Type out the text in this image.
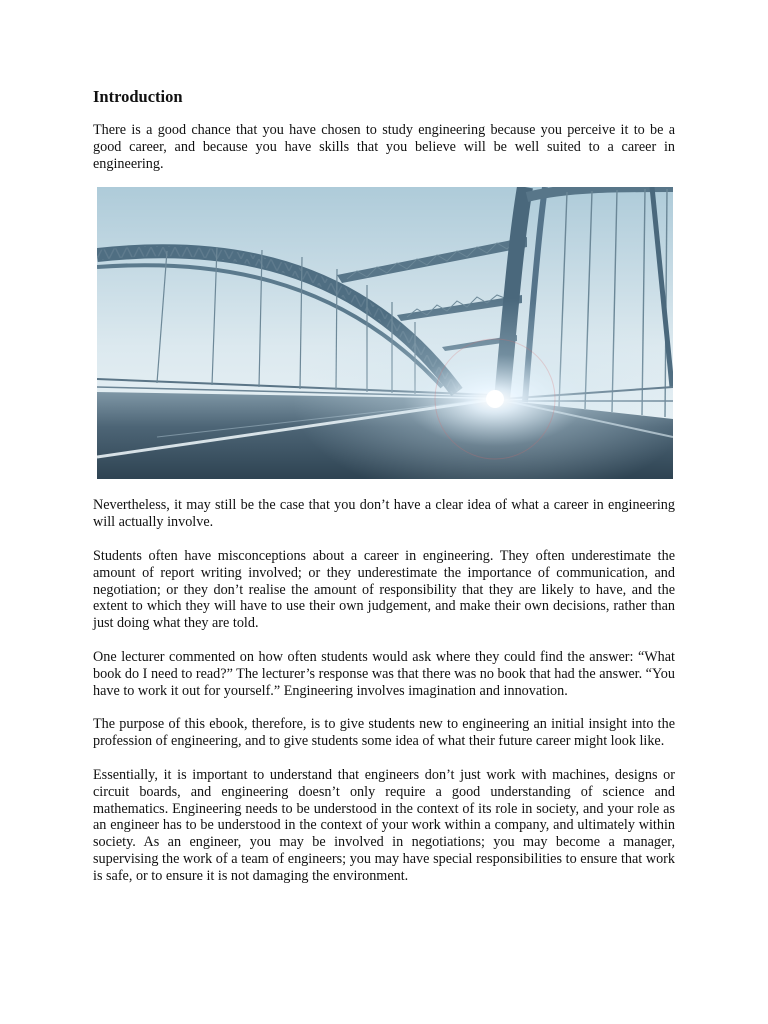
Introduction

There is a good chance that you have chosen to study engineering because you perceive it to be a good career, and because you have skills that you believe will be well suited to a career in engineering.

Nevertheless, it may still be the case that you don’t have a clear idea of what a career in engineering will actually involve.

Students often have misconceptions about a career in engineering. They often underestimate the amount of report writing involved; or they underestimate the importance of communication, and negotiation; or they don’t realise the amount of responsibility that they are likely to have, and the extent to which they will have to use their own judgement, and make their own decisions, rather than just doing what they are told.

One lecturer commented on how often students would ask where they could find the answer: “What book do I need to read?” The lecturer’s response was that there was no book that had the answer. “You have to work it out for yourself.” Engineering involves imagination and innovation.

The purpose of this ebook, therefore, is to give students new to engineering an initial insight into the profession of engineering, and to give students some idea of what their future career might look like.

Essentially, it is important to understand that engineers don’t just work with machines, designs or circuit boards, and engineering doesn’t only require a good understanding of science and mathematics. Engineering needs to be understood in the context of its role in society, and your role as an engineer has to be understood in the context of your work within a company, and ultimately within society. As an engineer, you may be involved in negotiations; you may become a manager, supervising the work of a team of engineers; you may have special responsibilities to ensure that work is safe, or to ensure it is not damaging the environment.
